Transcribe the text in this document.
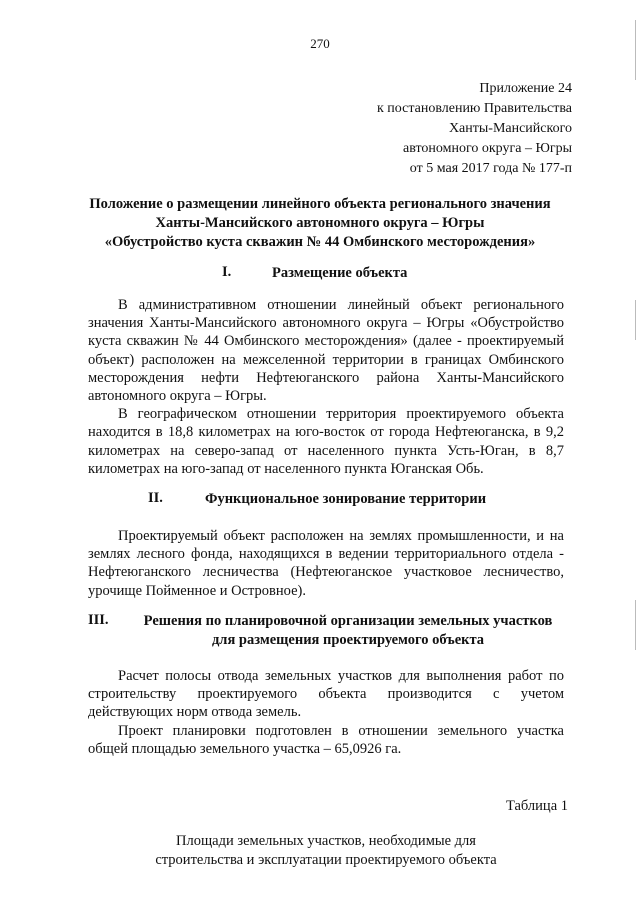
270
Приложение 24
к постановлению Правительства
Ханты-Мансийского
автономного округа – Югры
от 5 мая 2017 года № 177-п
Положение о размещении линейного объекта регионального значения
Ханты-Мансийского автономного округа – Югры
«Обустройство куста скважин № 44 Омбинского месторождения»
I.	Размещение объекта

В административном отношении линейный объект регионального значения Ханты-Мансийского автономного округа – Югры «Обустройство куста скважин № 44 Омбинского месторождения» (далее - проектируемый объект) расположен на межселенной территории в границах Омбинского месторождения нефти Нефтеюганского района Ханты-Мансийского автономного округа – Югры.

В географическом отношении территория проектируемого объекта находится в 18,8 километрах на юго-восток от города Нефтеюганска, в 9,2 километрах на северо-запад от населенного пункта Усть-Юган, в 8,7 километрах на юго-запад от населенного пункта Юганская Обь.

II.	Функциональное зонирование территории

Проектируемый объект расположен на землях промышленности, и на землях лесного фонда, находящихся в ведении территориального отдела - Нефтеюганского лесничества (Нефтеюганское участковое лесничество, урочище Пойменное и Островное).

III.	Решения по планировочной организации земельных участков
для размещения проектируемого объекта

Расчет полосы отвода земельных участков для выполнения работ по строительству проектируемого объекта производится с учетом действующих норм отвода земель.

Проект планировки подготовлен в отношении земельного участка общей площадью земельного участка – 65,0926 га.

Таблица 1
Площади земельных участков, необходимые для
строительства и эксплуатации проектируемого объекта
